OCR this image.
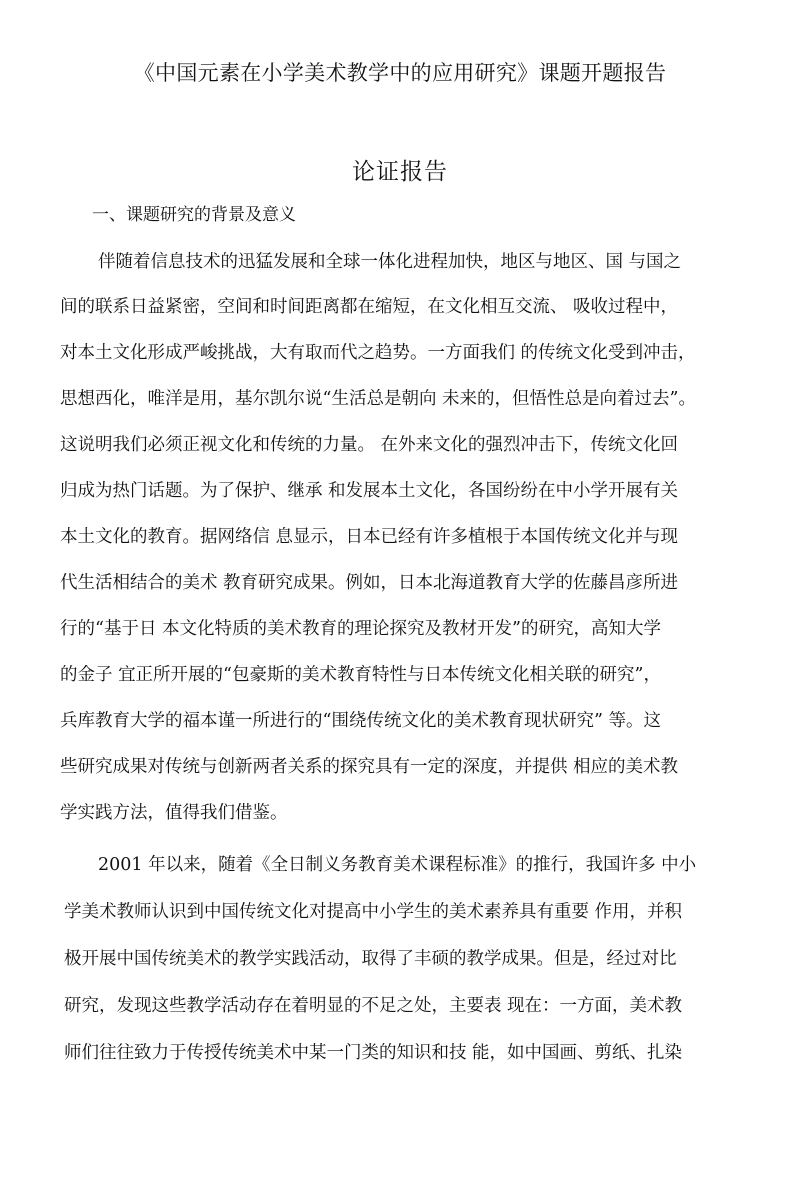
《中国元素在小学美术教学中的应用研究》课题开题报告
论证报告
一、课题研究的背景及意义
伴随着信息技术的迅猛发展和全球一体化进程加快，地区与地区、国 与国之
间的联系日益紧密，空间和时间距离都在缩短，在文化相互交流、 吸收过程中，
对本土文化形成严峻挑战，大有取而代之趋势。一方面我们 的传统文化受到冲击，
思想西化，唯洋是用，基尔凯尔说“生活总是朝向 未来的，但悟性总是向着过去”。
这说明我们必须正视文化和传统的力量。 在外来文化的强烈冲击下，传统文化回
归成为热门话题。为了保护、继承 和发展本土文化，各国纷纷在中小学开展有关
本土文化的教育。据网络信 息显示，日本已经有许多植根于本国传统文化并与现
代生活相结合的美术 教育研究成果。例如，日本北海道教育大学的佐藤昌彦所进
行的“基于日 本文化特质的美术教育的理论探究及教材开发”的研究，高知大学
的金子 宜正所开展的“包豪斯的美术教育特性与日本传统文化相关联的研究”，
兵库教育大学的福本谨一所进行的“围绕传统文化的美术教育现状研究” 等。这
些研究成果对传统与创新两者关系的探究具有一定的深度，并提供 相应的美术教
学实践方法，值得我们借鉴。
2001 年以来，随着《全日制义务教育美术课程标准》的推行，我国许多 中小
学美术教师认识到中国传统文化对提高中小学生的美术素养具有重要 作用，并积
极开展中国传统美术的教学实践活动，取得了丰硕的教学成果。但是，经过对比
研究，发现这些教学活动存在着明显的不足之处，主要表 现在：一方面，美术教
师们往往致力于传授传统美术中某一门类的知识和技 能，如中国画、剪纸、扎染
